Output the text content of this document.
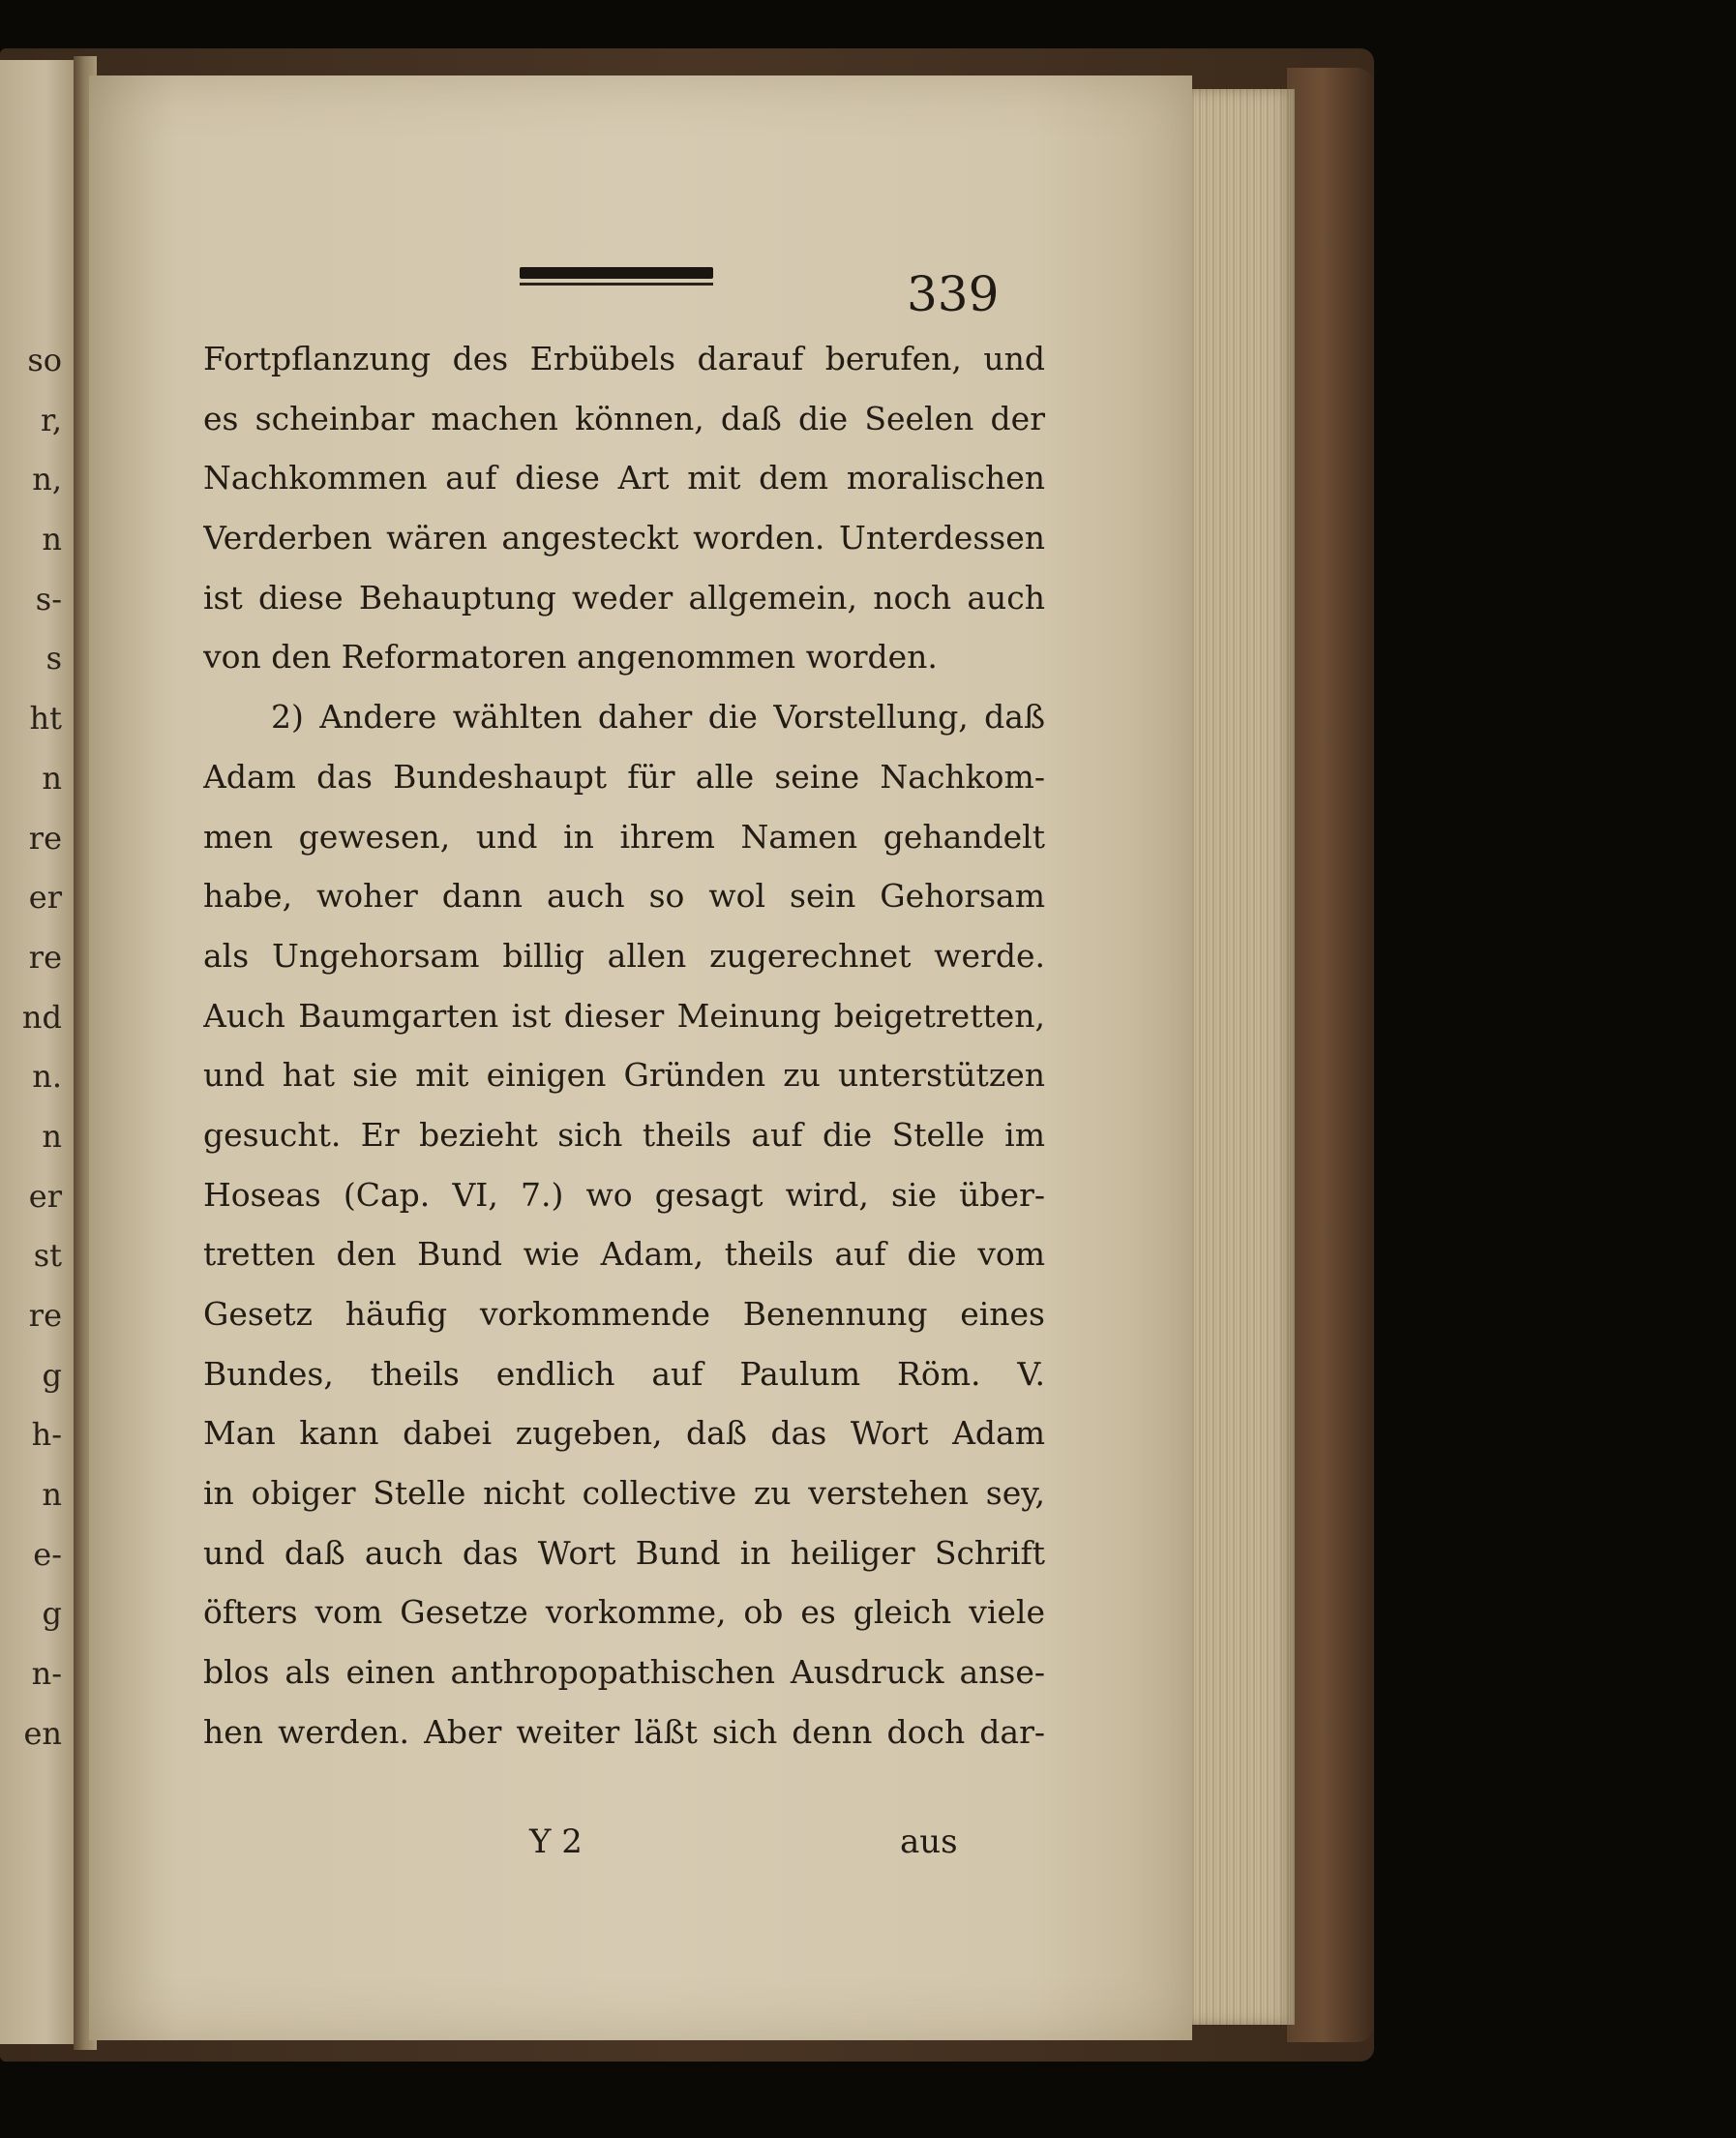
so
r,
n,
n
s-
s
ht
n
re
er
re
nd
n.
n
er
st
re
g
h-
n
e-
g
n-
en
339
Fortpflanzung des Erbübels darauf berufen, und
es scheinbar machen können, daß die Seelen der
Nachkommen auf diese Art mit dem moralischen
Verderben wären angesteckt worden. Unterdessen
ist diese Behauptung weder allgemein, noch auch
von den Reformatoren angenommen worden.
2) Andere wählten daher die Vorstellung, daß
Adam das Bundeshaupt für alle seine Nachkom-
men gewesen, und in ihrem Namen gehandelt
habe, woher dann auch so wol sein Gehorsam
als Ungehorsam billig allen zugerechnet werde.
Auch Baumgarten ist dieser Meinung beigetretten,
und hat sie mit einigen Gründen zu unterstützen
gesucht. Er bezieht sich theils auf die Stelle im
Hoseas (Cap. VI, 7.) wo gesagt wird, sie über-
tretten den Bund wie Adam, theils auf die vom
Gesetz häufig vorkommende Benennung eines
Bundes, theils endlich auf Paulum Röm. V.
Man kann dabei zugeben, daß das Wort Adam
in obiger Stelle nicht collective zu verstehen sey,
und daß auch das Wort Bund in heiliger Schrift
öfters vom Gesetze vorkomme, ob es gleich viele
blos als einen anthropopathischen Ausdruck anse-
hen werden. Aber weiter läßt sich denn doch dar-
Y 2	aus
